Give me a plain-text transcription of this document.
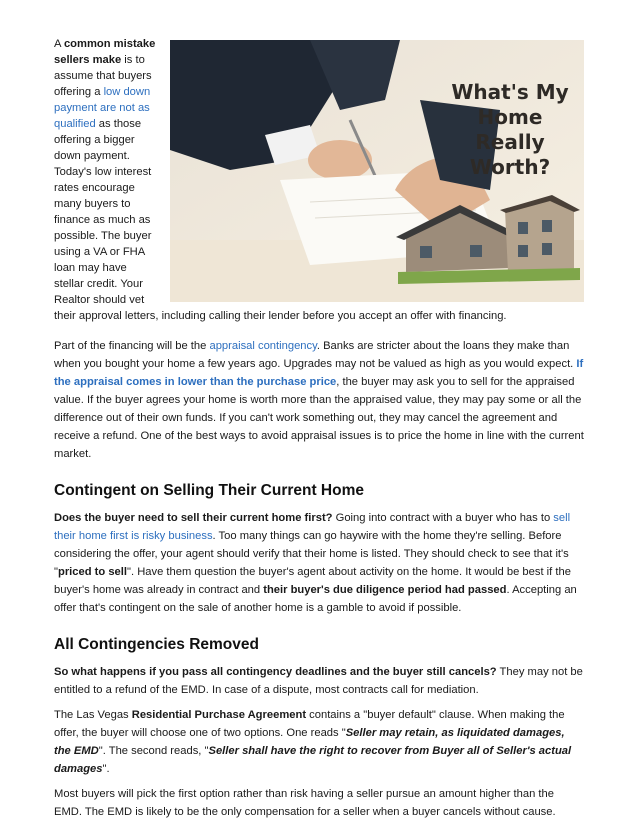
What's My
Home Really
Worth?

A common mistake sellers make is to assume that buyers offering a low down payment are not as qualified as those offering a bigger down payment. Today's low interest rates encourage many buyers to finance as much as possible. The buyer using a VA or FHA loan may have stellar credit. Your Realtor should vet their approval letters, including calling their lender before you accept an offer with financing.

Part of the financing will be the appraisal contingency. Banks are stricter about the loans they make than when you bought your home a few years ago. Upgrades may not be valued as high as you would expect. If the appraisal comes in lower than the purchase price, the buyer may ask you to sell for the appraised value. If the buyer agrees your home is worth more than the appraised value, they may pay some or all the difference out of their own funds. If you can't work something out, they may cancel the agreement and receive a refund. One of the best ways to avoid appraisal issues is to price the home in line with the current market.

Contingent on Selling Their Current Home

Does the buyer need to sell their current home first? Going into contract with a buyer who has to sell their home first is risky business. Too many things can go haywire with the home they're selling. Before considering the offer, your agent should verify that their home is listed. They should check to see that it's "priced to sell". Have them question the buyer's agent about activity on the home. It would be best if the buyer's home was already in contract and their buyer's due diligence period had passed. Accepting an offer that's contingent on the sale of another home is a gamble to avoid if possible.

All Contingencies Removed

So what happens if you pass all contingency deadlines and the buyer still cancels? They may not be entitled to a refund of the EMD. In case of a dispute, most contracts call for mediation.

The Las Vegas Residential Purchase Agreement contains a "buyer default" clause. When making the offer, the buyer will choose one of two options. One reads "Seller may retain, as liquidated damages, the EMD". The second reads, "Seller shall have the right to recover from Buyer all of Seller's actual damages".

Most buyers will pick the first option rather than risk having a seller pursue an amount higher than the EMD. The EMD is likely to be the only compensation for a seller when a buyer cancels without cause.
